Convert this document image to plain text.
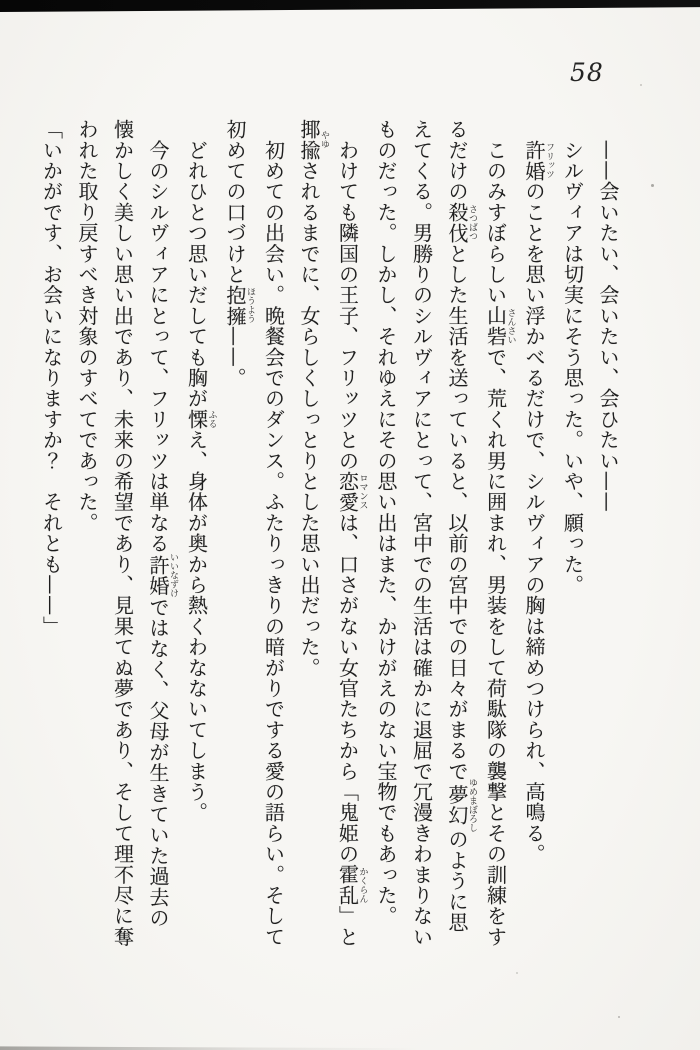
58

　——会いたい、会いたい、会ひたい——

　シルヴィアは切実にそう思った。いや、願った。

　許婚フリッツのことを思い浮かべるだけで、シルヴィアの胸は締めつけられ、高鳴る。

　このみすぼらしい山砦さんさいで、荒くれ男に囲まれ、男装をして荷駄隊の襲撃とその訓練をす

るだけの殺伐さつばつとした生活を送っていると、以前の宮中での日々がまるで夢幻ゆめまぼろしのように思

えてくる。男勝りのシルヴィアにとって、宮中での生活は確かに退屈で冗漫きわまりない

ものだった。しかし、それゆえにその思い出はまた、かけがえのない宝物でもあった。

　わけても隣国の王子、フリッツとの恋愛ロマンスは、口さがない女官たちから「鬼姫の霍乱かくらん」と

揶揄やゆされるまでに、女らしくしっとりとした思い出だった。

　初めての出会い。晩餐会でのダンス。ふたりっきりの暗がりでする愛の語らい。そして

初めての口づけと抱擁ほうよう——。

　どれひとつ思いだしても胸が慄ふるえ、身体が奥から熱くわなないてしまう。

　今のシルヴィアにとって、フリッツは単なる許婚いいなずけではなく、父母が生きていた過去の

懐かしく美しい思い出であり、未来の希望であり、見果てぬ夢であり、そして理不尽に奪

われた取り戻すべき対象のすべてであった。

「いかがです、お会いになりますか？　それとも——」
